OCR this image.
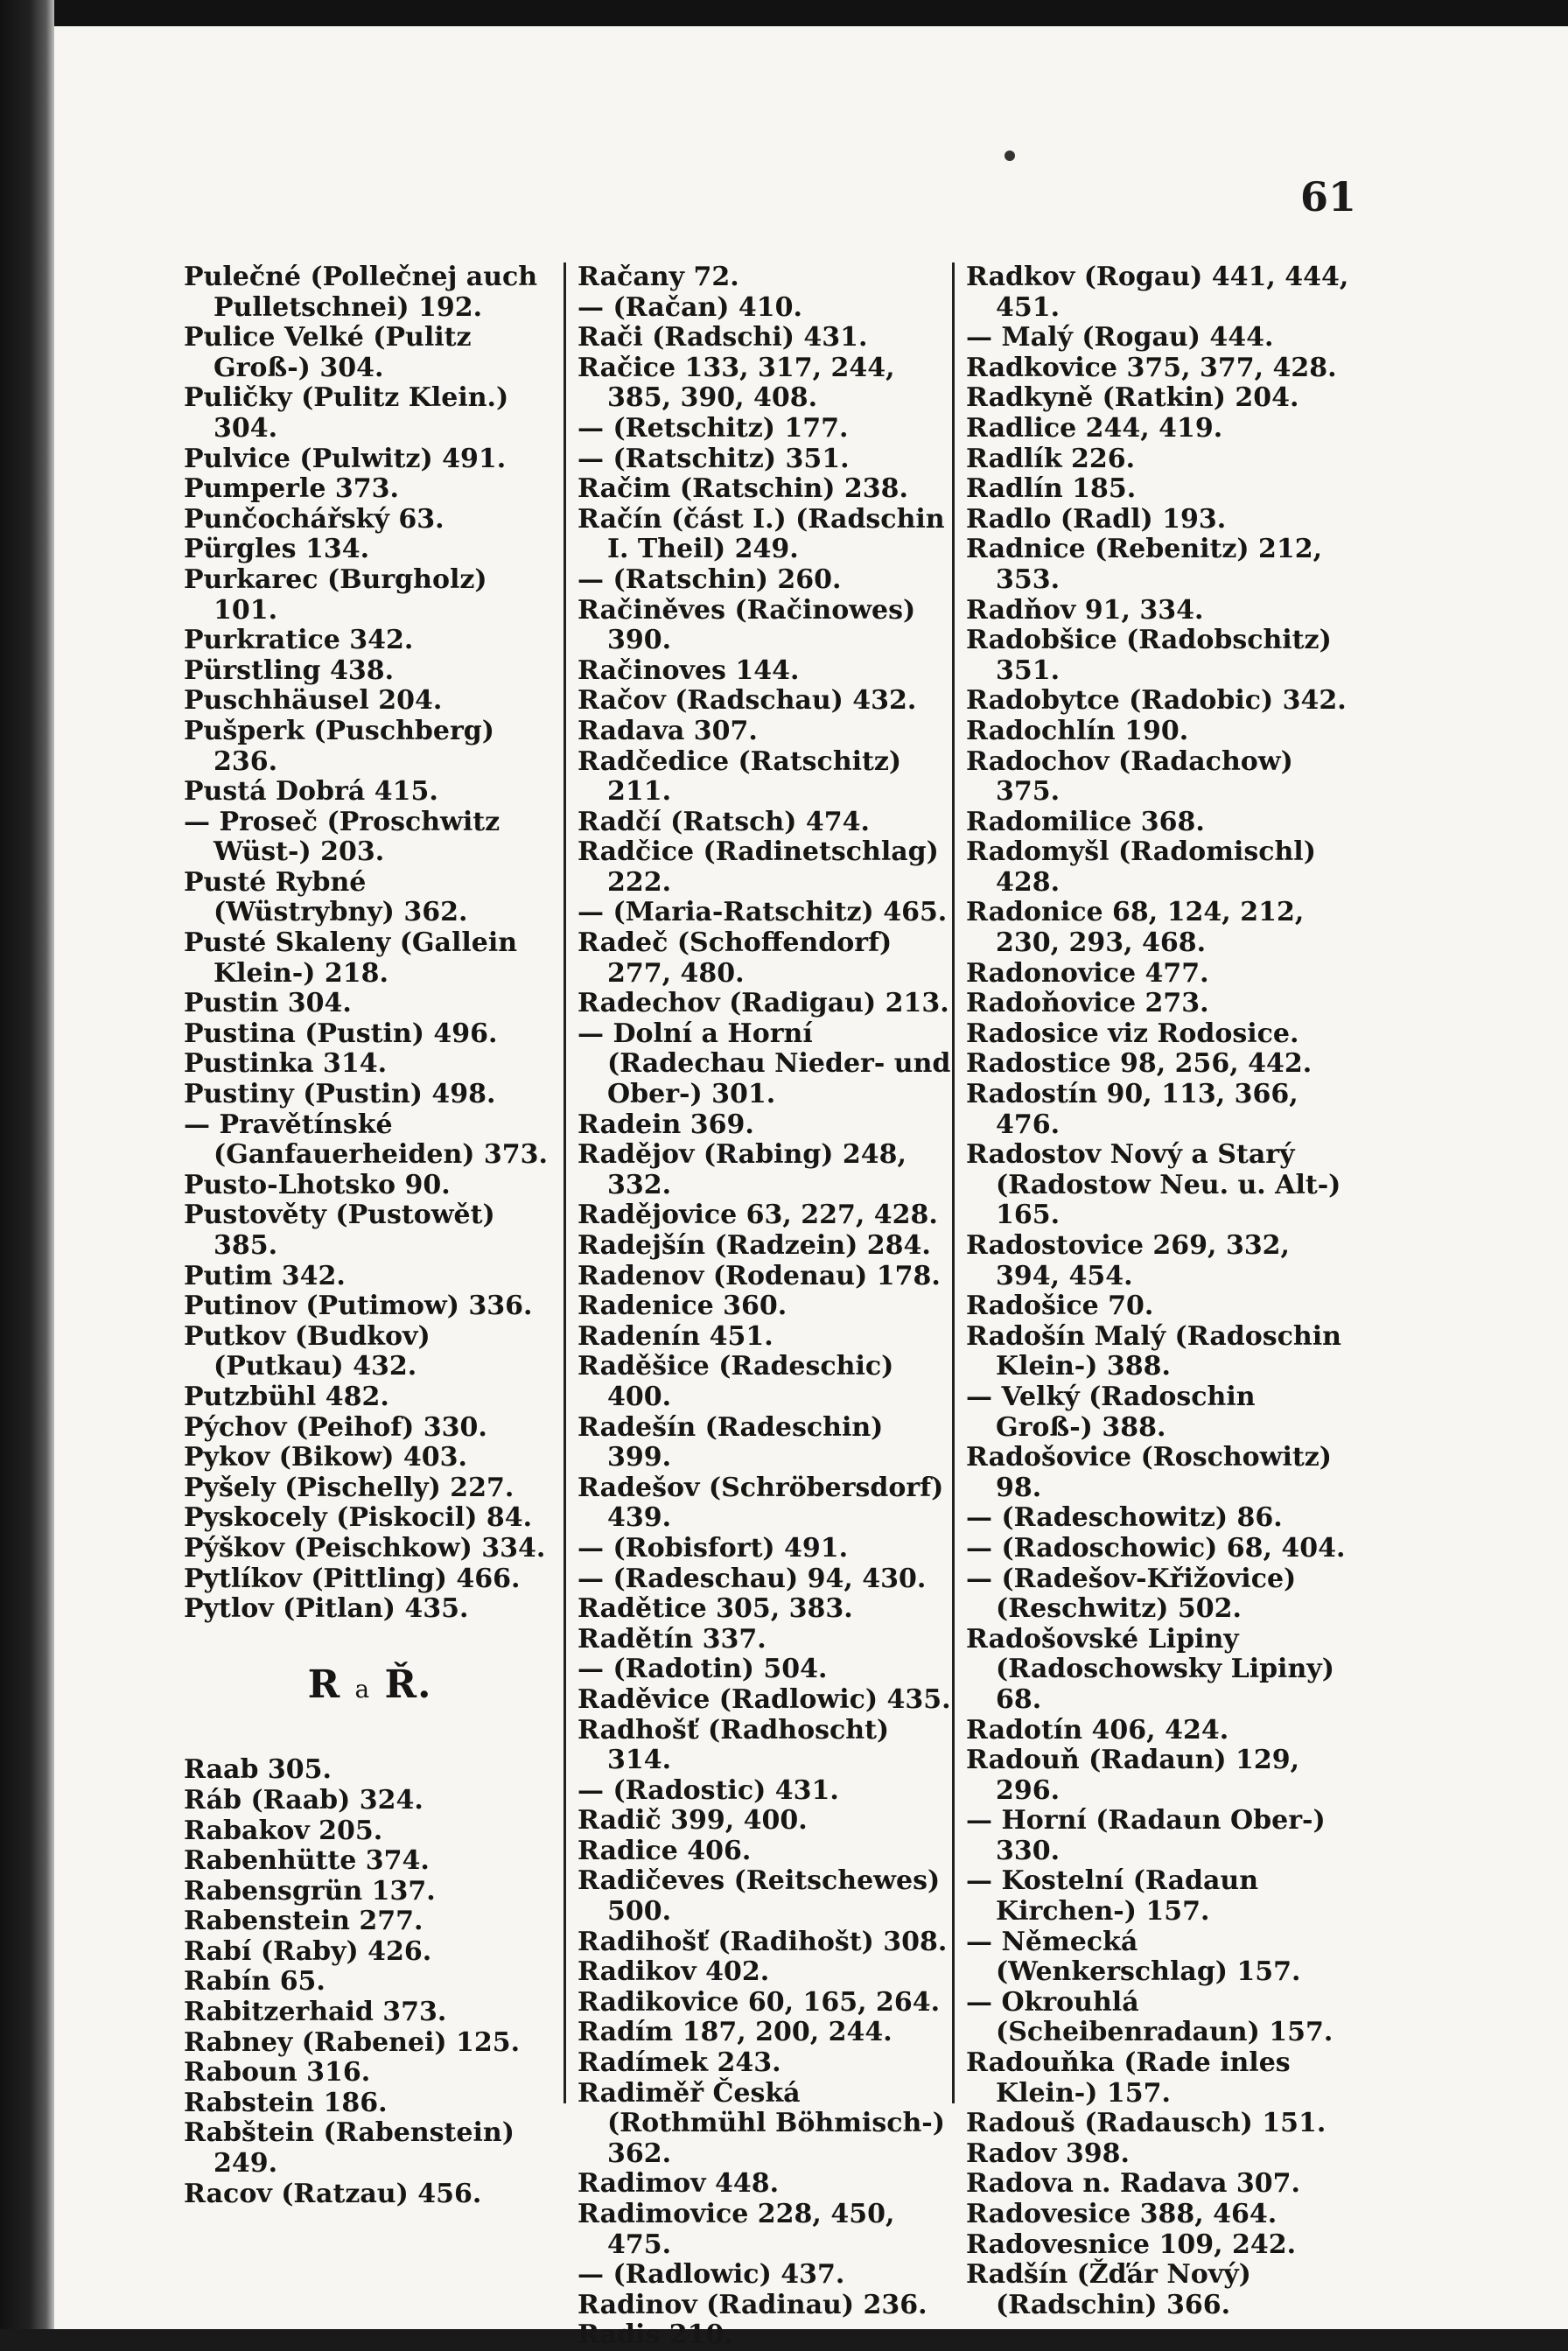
61
Pulečné (Pollečnej auch Pulletschnei) 192.
Pulice Velké (Pulitz Groß-) 304.
Puličky (Pulitz Klein.) 304.
Pulvice (Pulwitz) 491.
Pumperle 373.
Punčochářský 63.
Pürgles 134.
Purkarec (Burgholz) 101.
Purkratice 342.
Pürstling 438.
Puschhäusel 204.
Pušperk (Puschberg) 236.
Pustá Dobrá 415.
— Proseč (Proschwitz Wüst-) 203.
Pusté Rybné (Wüstrybny) 362.
Pusté Skaleny (Gallein Klein-) 218.
Pustin 304.
Pustina (Pustin) 496.
Pustinka 314.
Pustiny (Pustin) 498.
— Pravětínské (Ganfauerheiden) 373.
Pusto-Lhotsko 90.
Pustověty (Pustowět) 385.
Putim 342.
Putinov (Putimow) 336.
Putkov (Budkov) (Putkau) 432.
Putzbühl 482.
Pýchov (Peihof) 330.
Pykov (Bikow) 403.
Pyšely (Pischelly) 227.
Pyskocely (Piskocil) 84.
Pýškov (Peischkow) 334.
Pytlíkov (Pittling) 466.
Pytlov (Pitlan) 435.
R a Ř.
Raab 305.
Ráb (Raab) 324.
Rabakov 205.
Rabenhütte 374.
Rabensgrün 137.
Rabenstein 277.
Rabí (Raby) 426.
Rabín 65.
Rabitzerhaid 373.
Rabney (Rabenei) 125.
Raboun 316.
Rabstein 186.
Rabštein (Rabenstein) 249.
Racov (Ratzau) 456.
Račany 72.
— (Račan) 410.
Rači (Radschi) 431.
Račice 133, 317, 244, 385, 390, 408.
— (Retschitz) 177.
— (Ratschitz) 351.
Račim (Ratschin) 238.
Račín (část I.) (Radschin I. Theil) 249.
— (Ratschin) 260.
Račiněves (Račinowes) 390.
Račinoves 144.
Račov (Radschau) 432.
Radava 307.
Radčedice (Ratschitz) 211.
Radčí (Ratsch) 474.
Radčice (Radinetschlag) 222.
— (Maria-Ratschitz) 465.
Radeč (Schoffendorf) 277, 480.
Radechov (Radigau) 213.
— Dolní a Horní (Radechau Nieder- und Ober-) 301.
Radein 369.
Radějov (Rabing) 248, 332.
Radějovice 63, 227, 428.
Radejšín (Radzein) 284.
Radenov (Rodenau) 178.
Radenice 360.
Radenín 451.
Raděšice (Radeschic) 400.
Radešín (Radeschin) 399.
Radešov (Schröbersdorf) 439.
— (Robisfort) 491.
— (Radeschau) 94, 430.
Radětice 305, 383.
Radětín 337.
— (Radotin) 504.
Raděvice (Radlowic) 435.
Radhošť (Radhoscht) 314.
— (Radostic) 431.
Radič 399, 400.
Radice 406.
Radičeves (Reitschewes) 500.
Radihošť (Radihošt) 308.
Radikov 402.
Radikovice 60, 165, 264.
Radím 187, 200, 244.
Radímek 243.
Radiměř Česká (Rothmühl Böhmisch-) 362.
Radimov 448.
Radimovice 228, 450, 475.
— (Radlowic) 437.
Radinov (Radinau) 236.
Radis 210.
Radkov (Rogau) 441, 444, 451.
— Malý (Rogau) 444.
Radkovice 375, 377, 428.
Radkyně (Ratkin) 204.
Radlice 244, 419.
Radlík 226.
Radlín 185.
Radlo (Radl) 193.
Radnice (Rebenitz) 212, 353.
Radňov 91, 334.
Radobšice (Radobschitz) 351.
Radobytce (Radobic) 342.
Radochlín 190.
Radochov (Radachow) 375.
Radomilice 368.
Radomyšl (Radomischl) 428.
Radonice 68, 124, 212, 230, 293, 468.
Radonovice 477.
Radoňovice 273.
Radosice viz Rodosice.
Radostice 98, 256, 442.
Radostín 90, 113, 366, 476.
Radostov Nový a Starý (Radostow Neu. u. Alt-) 165.
Radostovice 269, 332, 394, 454.
Radošice 70.
Radošín Malý (Radoschin Klein-) 388.
— Velký (Radoschin Groß-) 388.
Radošovice (Roschowitz) 98.
— (Radeschowitz) 86.
— (Radoschowic) 68, 404.
— (Radešov-Křižovice) (Reschwitz) 502.
Radošovské Lipiny (Radoschowsky Lipiny) 68.
Radotín 406, 424.
Radouň (Radaun) 129, 296.
— Horní (Radaun Ober-) 330.
— Kostelní (Radaun Kirchen-) 157.
— Německá (Wenkerschlag) 157.
— Okrouhlá (Scheibenradaun) 157.
Radouňka (Rade inles Klein-) 157.
Radouš (Radausch) 151.
Radov 398.
Radova n. Radava 307.
Radovesice 388, 464.
Radovesnice 109, 242.
Radšín (Žďár Nový) (Radschin) 366.
